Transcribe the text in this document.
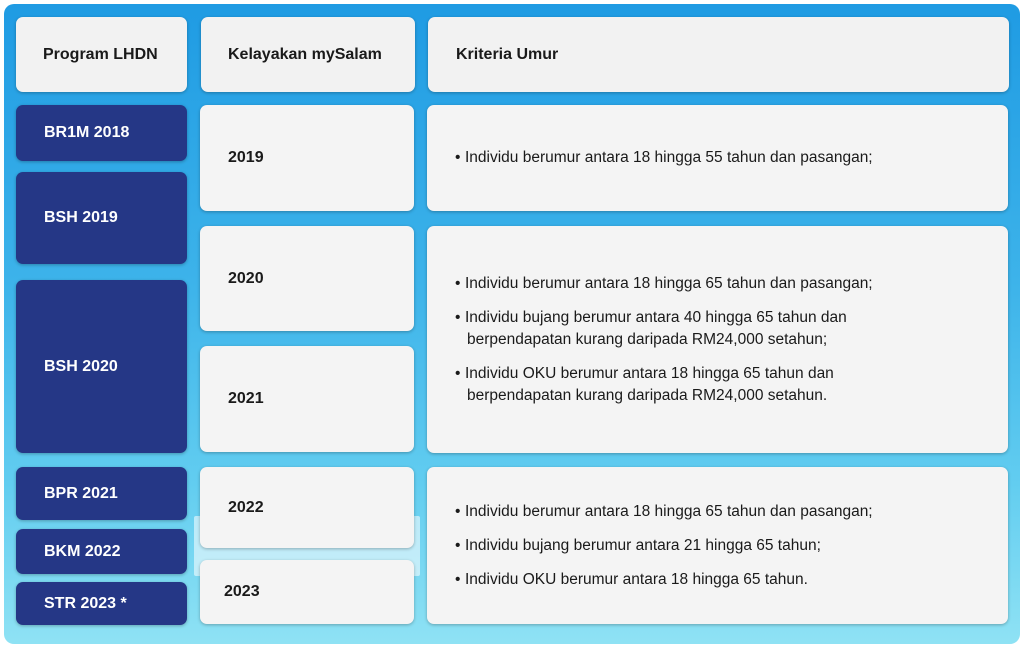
Program LHDN	Kelayakan mySalam	Kriteria Umur
BR1M 2018
BSH 2019
BSH 2020
BPR 2021
BKM 2022
STR 2023 *
2019
2020
2021
2022
2023
• Individu berumur antara 18 hingga 55 tahun dan pasangan;
• Individu berumur antara 18 hingga 65 tahun dan pasangan;
• Individu bujang berumur antara 40 hingga 65 tahun dan
berpendapatan kurang daripada RM24,000 setahun;
• Individu OKU berumur antara 18 hingga 65 tahun dan
berpendapatan kurang daripada RM24,000 setahun.
• Individu berumur antara 18 hingga 65 tahun dan pasangan;
• Individu bujang berumur antara 21 hingga 65 tahun;
• Individu OKU berumur antara 18 hingga 65 tahun.
